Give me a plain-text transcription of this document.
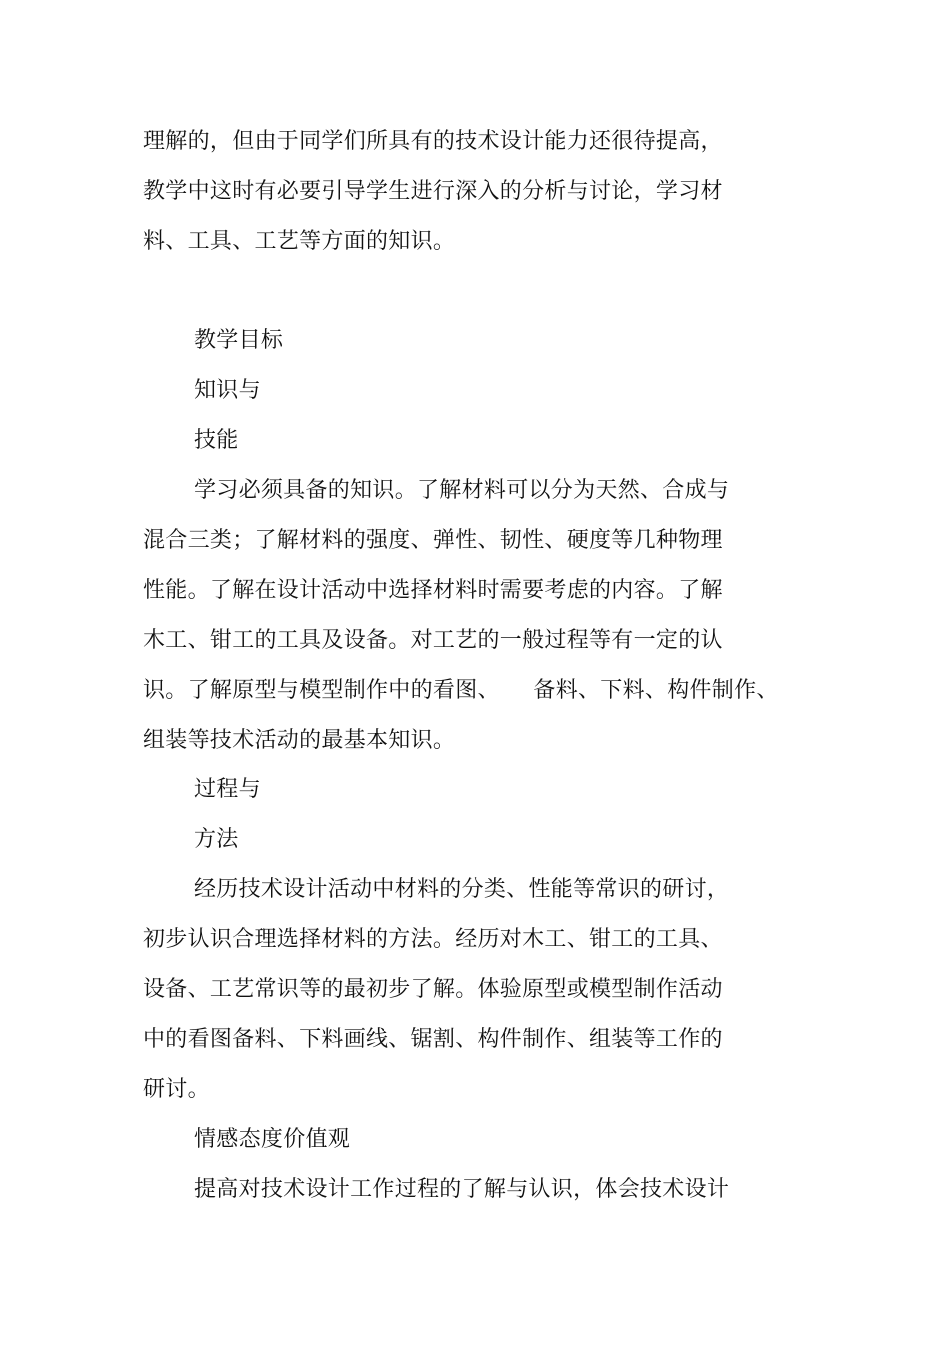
理解的，但由于同学们所具有的技术设计能力还很待提高，
教学中这时有必要引导学生进行深入的分析与讨论，学习材
料、工具、工艺等方面的知识。
教学目标
知识与
技能
学习必须具备的知识。了解材料可以分为天然、合成与
混合三类；了解材料的强度、弹性、韧性、硬度等几种物理
性能。了解在设计活动中选择材料时需要考虑的内容。了解
木工、钳工的工具及设备。对工艺的一般过程等有一定的认
识。了解原型与模型制作中的看图、　　备料、下料、构件制作、
组装等技术活动的最基本知识。
过程与
方法
经历技术设计活动中材料的分类、性能等常识的研讨，
初步认识合理选择材料的方法。经历对木工、钳工的工具、
设备、工艺常识等的最初步了解。体验原型或模型制作活动
中的看图备料、下料画线、锯割、构件制作、组装等工作的
研讨。
情感态度价值观
提高对技术设计工作过程的了解与认识，体会技术设计
